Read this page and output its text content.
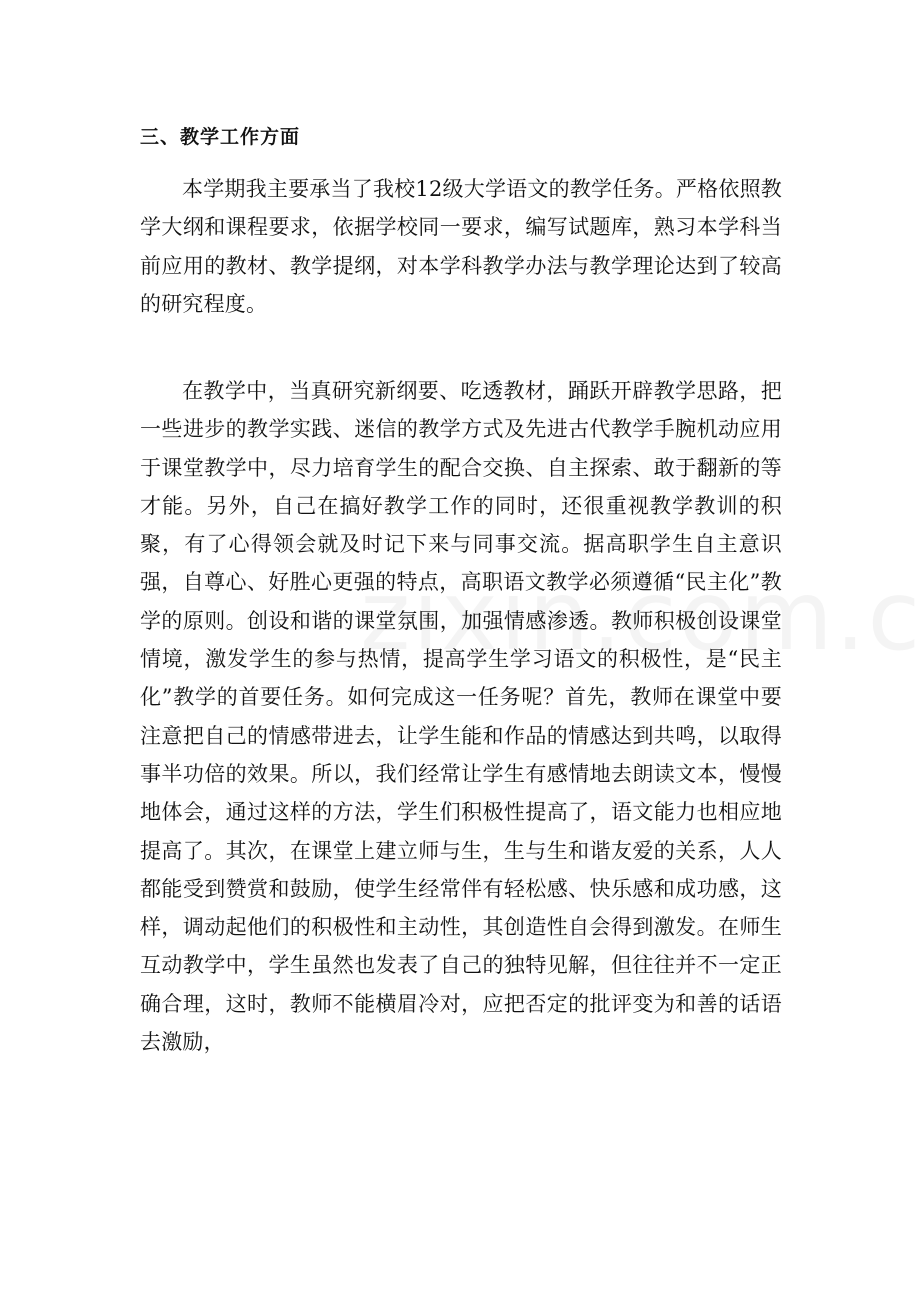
三、教学工作方面

本学期我主要承当了我校12级大学语文的教学任务。严格依照教学大纲和课程要求，依据学校同一要求，编写试题库，熟习本学科当前应用的教材、教学提纲，对本学科教学办法与教学理论达到了较高的研究程度。

在教学中，当真研究新纲要、吃透教材，踊跃开辟教学思路，把一些进步的教学实践、迷信的教学方式及先进古代教学手腕机动应用于课堂教学中，尽力培育学生的配合交换、自主探索、敢于翻新的等才能。另外，自己在搞好教学工作的同时，还很重视教学教训的积聚，有了心得领会就及时记下来与同事交流。据高职学生自主意识强，自尊心、好胜心更强的特点，高职语文教学必须遵循“民主化”教学的原则。创设和谐的课堂氛围，加强情感渗透。教师积极创设课堂情境，激发学生的参与热情，提高学生学习语文的积极性，是“民主化”教学的首要任务。如何完成这一任务呢？首先，教师在课堂中要注意把自己的情感带进去，让学生能和作品的情感达到共鸣，以取得事半功倍的效果。所以，我们经常让学生有感情地去朗读文本，慢慢地体会，通过这样的方法，学生们积极性提高了，语文能力也相应地提高了。其次，在课堂上建立师与生，生与生和谐友爱的关系，人人都能受到赞赏和鼓励，使学生经常伴有轻松感、快乐感和成功感，这样，调动起他们的积极性和主动性，其创造性自会得到激发。在师生互动教学中，学生虽然也发表了自己的独特见解，但往往并不一定正确合理，这时，教师不能横眉冷对，应把否定的批评变为和善的话语去激励，
